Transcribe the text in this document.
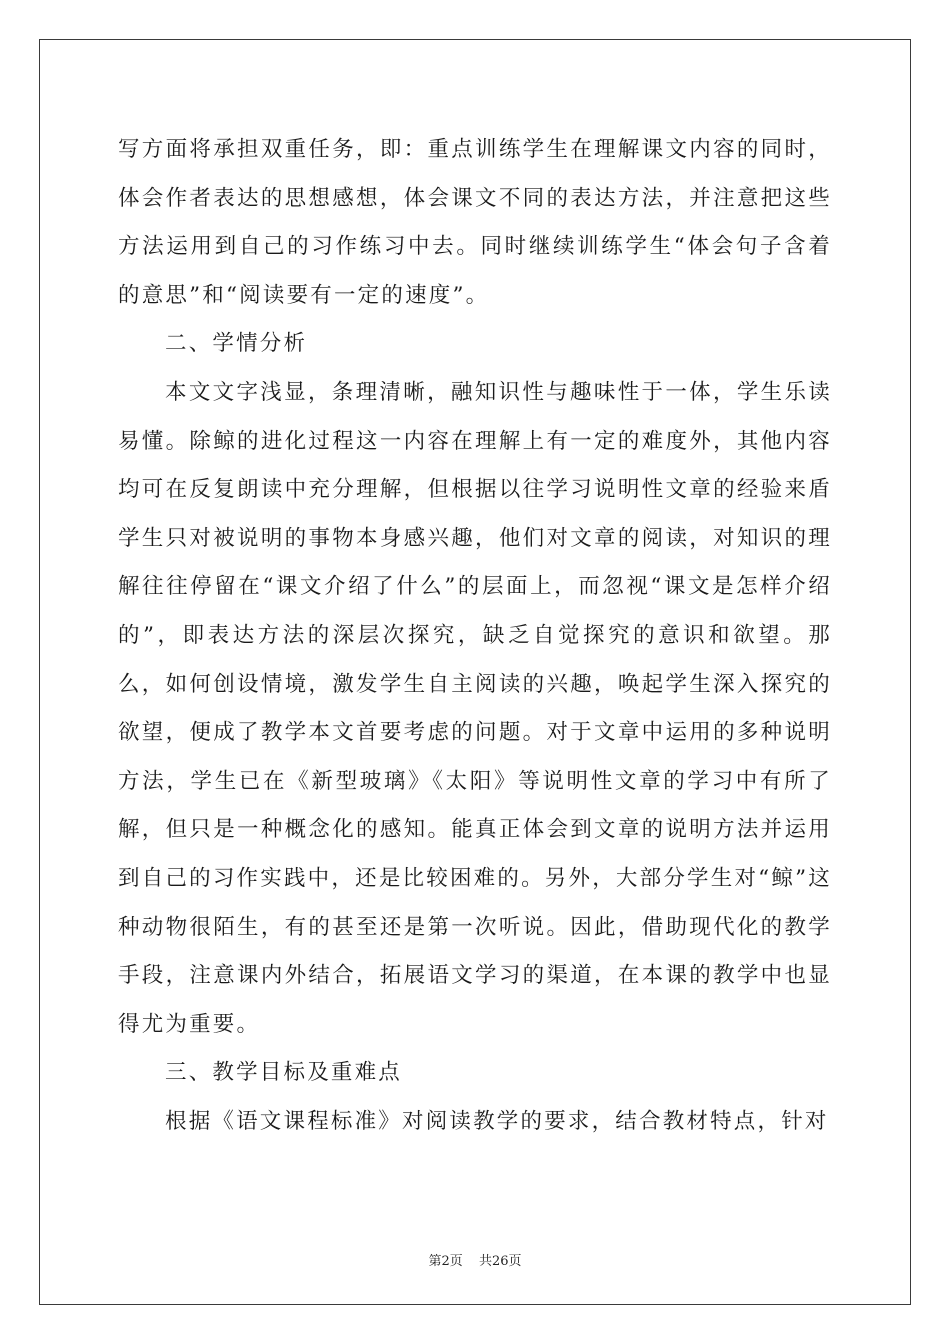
写方面将承担双重任务，即：重点训练学生在理解课文内容的同时，体会作者表达的思想感想，体会课文不同的表达方法，并注意把这些方法运用到自己的习作练习中去。同时继续训练学生“体会句子含着的意思”和“阅读要有一定的速度”。

二、学情分析

本文文字浅显，条理清晰，融知识性与趣味性于一体，学生乐读易懂。除鲸的进化过程这一内容在理解上有一定的难度外，其他内容均可在反复朗读中充分理解，但根据以往学习说明性文章的经验来盾学生只对被说明的事物本身感兴趣，他们对文章的阅读，对知识的理解往往停留在“课文介绍了什么”的层面上，而忽视“课文是怎样介绍的”，即表达方法的深层次探究，缺乏自觉探究的意识和欲望。那么，如何创设情境，激发学生自主阅读的兴趣，唤起学生深入探究的欲望，便成了教学本文首要考虑的问题。对于文章中运用的多种说明方法，学生已在《新型玻璃》《太阳》等说明性文章的学习中有所了解，但只是一种概念化的感知。能真正体会到文章的说明方法并运用到自己的习作实践中，还是比较困难的。另外，大部分学生对“鲸”这种动物很陌生，有的甚至还是第一次听说。因此，借助现代化的教学手段，注意课内外结合，拓展语文学习的渠道，在本课的教学中也显得尤为重要。

三、教学目标及重难点

根据《语文课程标准》对阅读教学的要求，结合教材特点，针对

第2页 共26页
